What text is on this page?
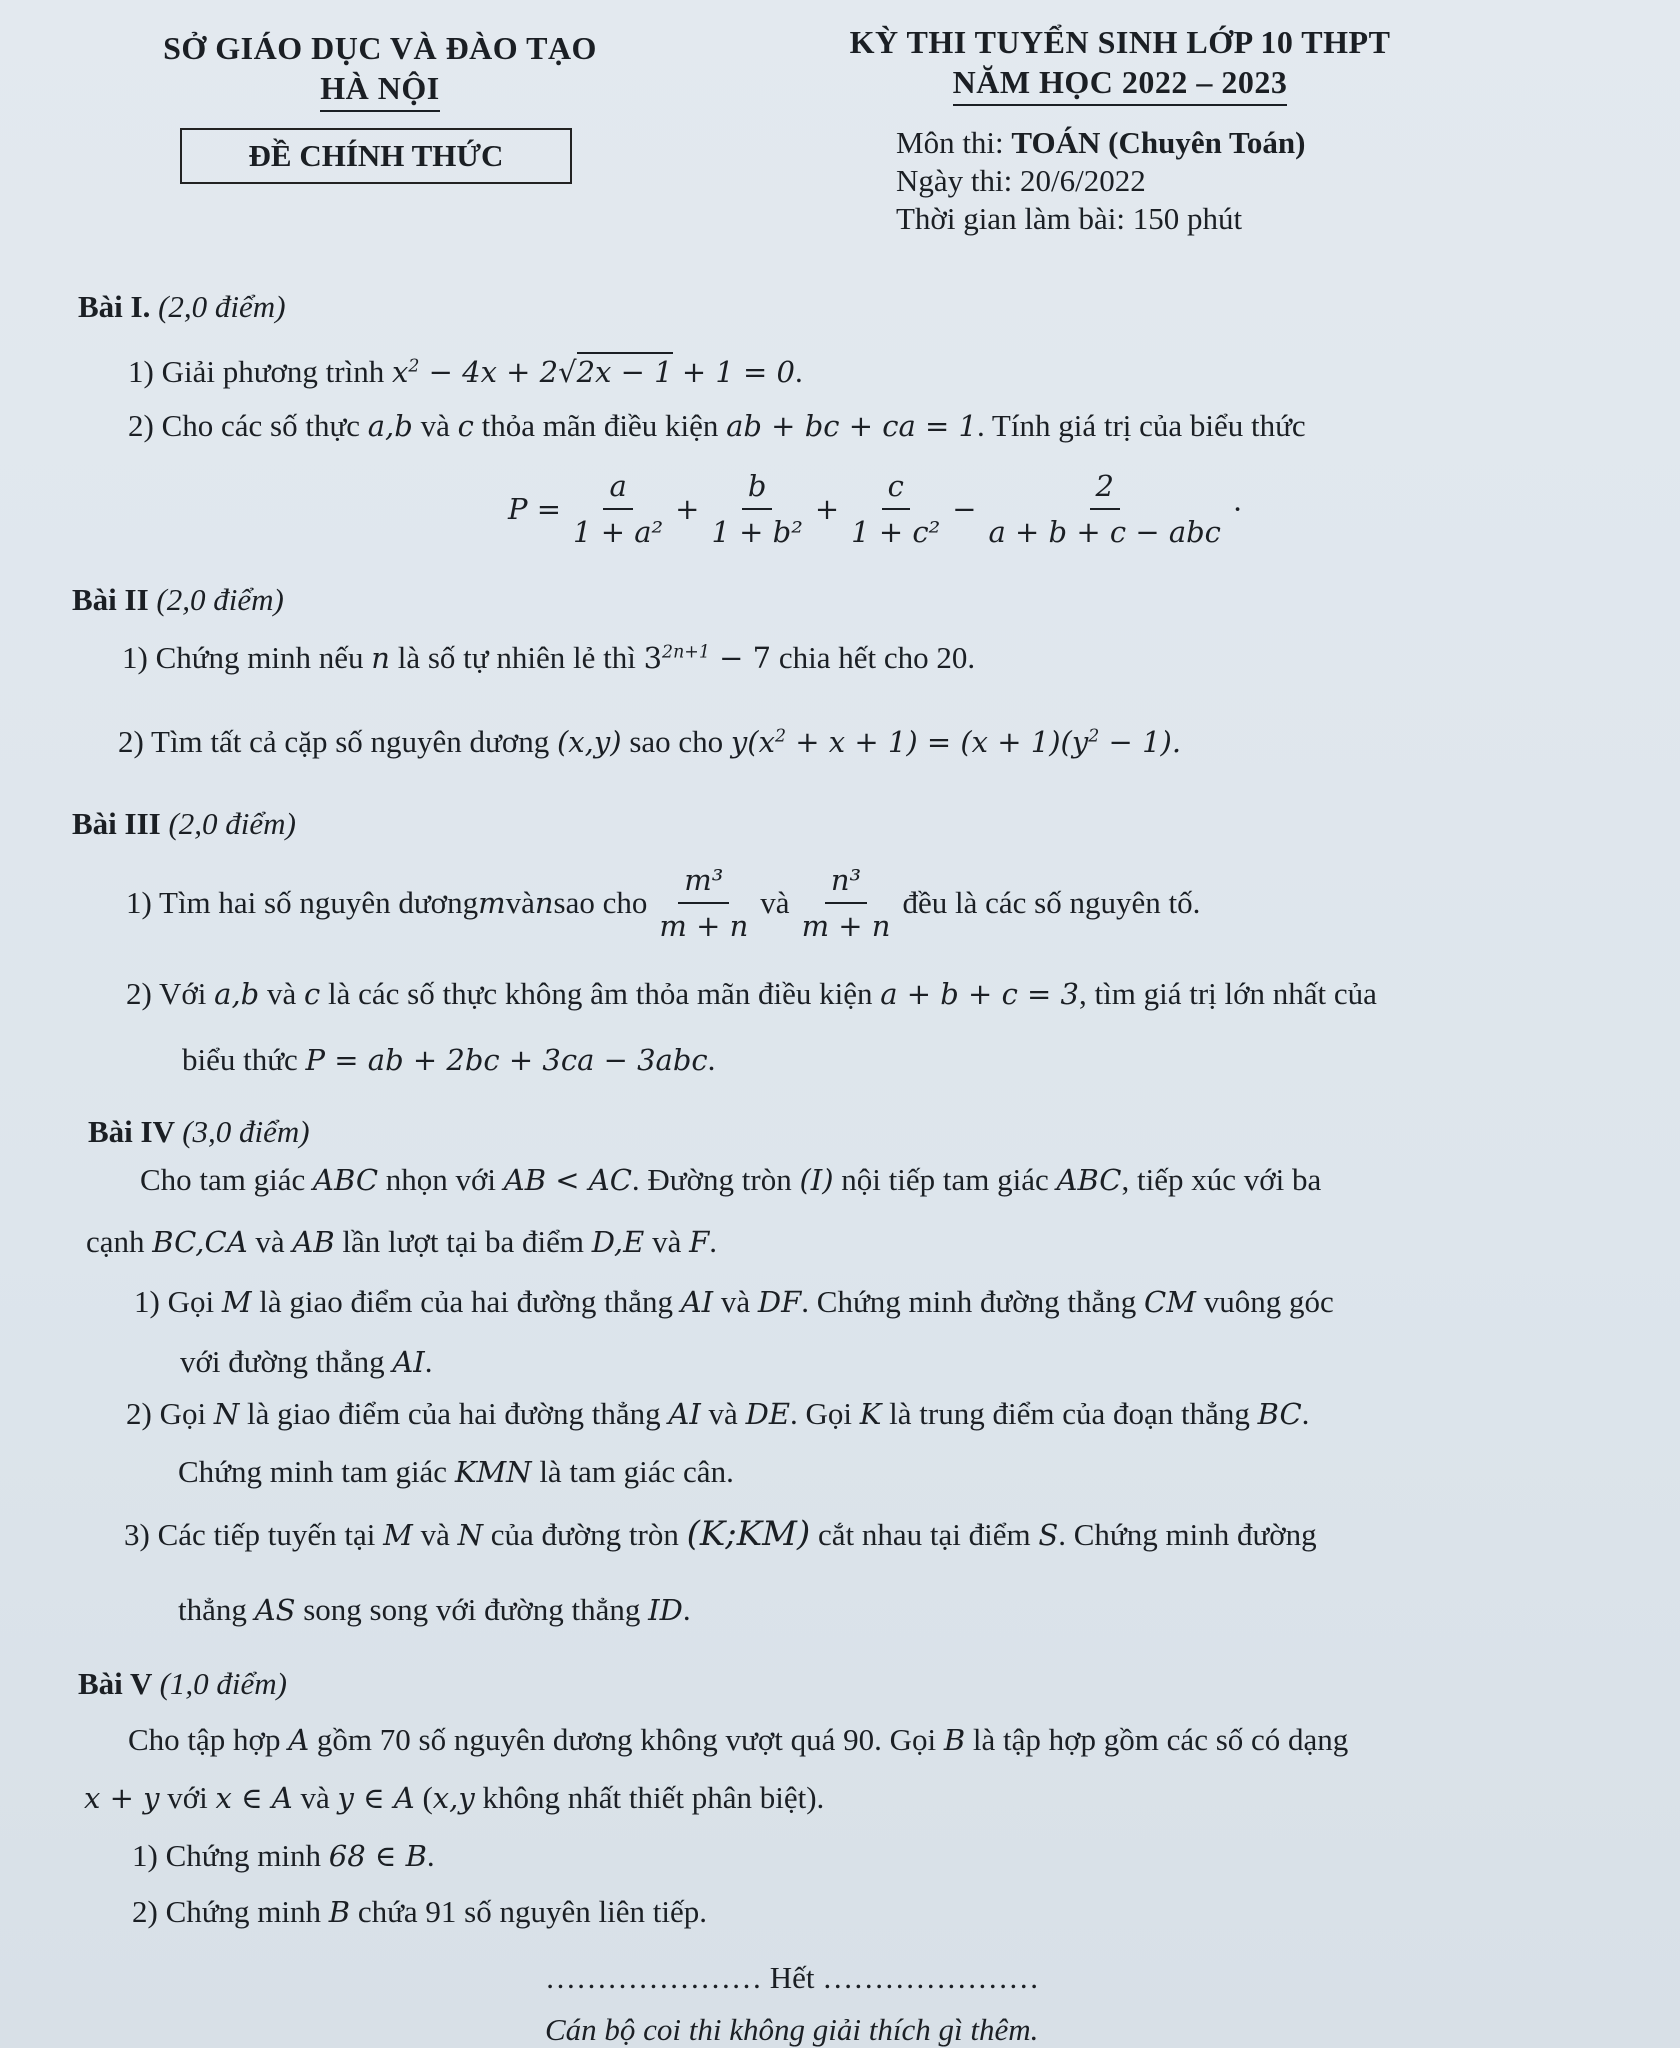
SỞ GIÁO DỤC VÀ ĐÀO TẠO
HÀ NỘI
KỲ THI TUYỂN SINH LỚP 10 THPT
NĂM HỌC 2022 – 2023
ĐỀ CHÍNH THỨC	Môn thi: TOÁN (Chuyên Toán)
Ngày thi: 20/6/2022
Thời gian làm bài: 150 phút
Bài I. (2,0 điểm)
1) Giải phương trình $x^2 - 4x + 2√2x - 1 + 1 = 0$.
2) Cho các số thực a,b và c thỏa mãn điều kiện ab + bc + ca = 1. Tính giá trị của biểu thức
$P = \frac{a}{\text{1 + a²}} + \frac{b}{\text{1 + b²}} + \frac{c}{\text{1 + c²}} - \frac{2}{\text{a + b + c − abc}}$ ·
Bài II (2,0 điểm)
1) Chứng minh nếu n là số tự nhiên lẻ thì $3^{2n+1} - 7$ chia hết cho 20.
2) Tìm tất cả cặp số nguyên dương (x,y) sao cho $y(x^2 + x + 1) = (x + 1)(y^2 - 1)$.
Bài III (2,0 điểm)
1) Tìm hai số nguyên dương m và n sao cho $\frac{\text{m³}}{m + n}$ và $\frac{\text{n³}}{m + n}$ đều là các số nguyên tố.
2) Với a,b và c là các số thực không âm thỏa mãn điều kiện a + b + c = 3, tìm giá trị lớn nhất của
biểu thức P = ab + 2bc + 3ca − 3abc.
Bài IV (3,0 điểm)
Cho tam giác ABC nhọn với AB < AC. Đường tròn (I) nội tiếp tam giác ABC, tiếp xúc với ba
cạnh BC,CA và AB lần lượt tại ba điểm D,E và F.
1) Gọi M là giao điểm của hai đường thẳng AI và DF. Chứng minh đường thẳng CM vuông góc
với đường thẳng AI.
2) Gọi N là giao điểm của hai đường thẳng AI và DE. Gọi K là trung điểm của đoạn thẳng BC.
Chứng minh tam giác KMN là tam giác cân.
3) Các tiếp tuyến tại M và N của đường tròn (K;KM) cắt nhau tại điểm S. Chứng minh đường
thẳng AS song song với đường thẳng ID.
Bài V (1,0 điểm)
Cho tập hợp A gồm 70 số nguyên dương không vượt quá 90. Gọi B là tập hợp gồm các số có dạng
x + y với x ∈ A và y ∈ A (x,y không nhất thiết phân biệt).
1) Chứng minh 68 ∈ B.
2) Chứng minh B chứa 91 số nguyên liên tiếp.
………………… Hết …………………
Cán bộ coi thi không giải thích gì thêm.
